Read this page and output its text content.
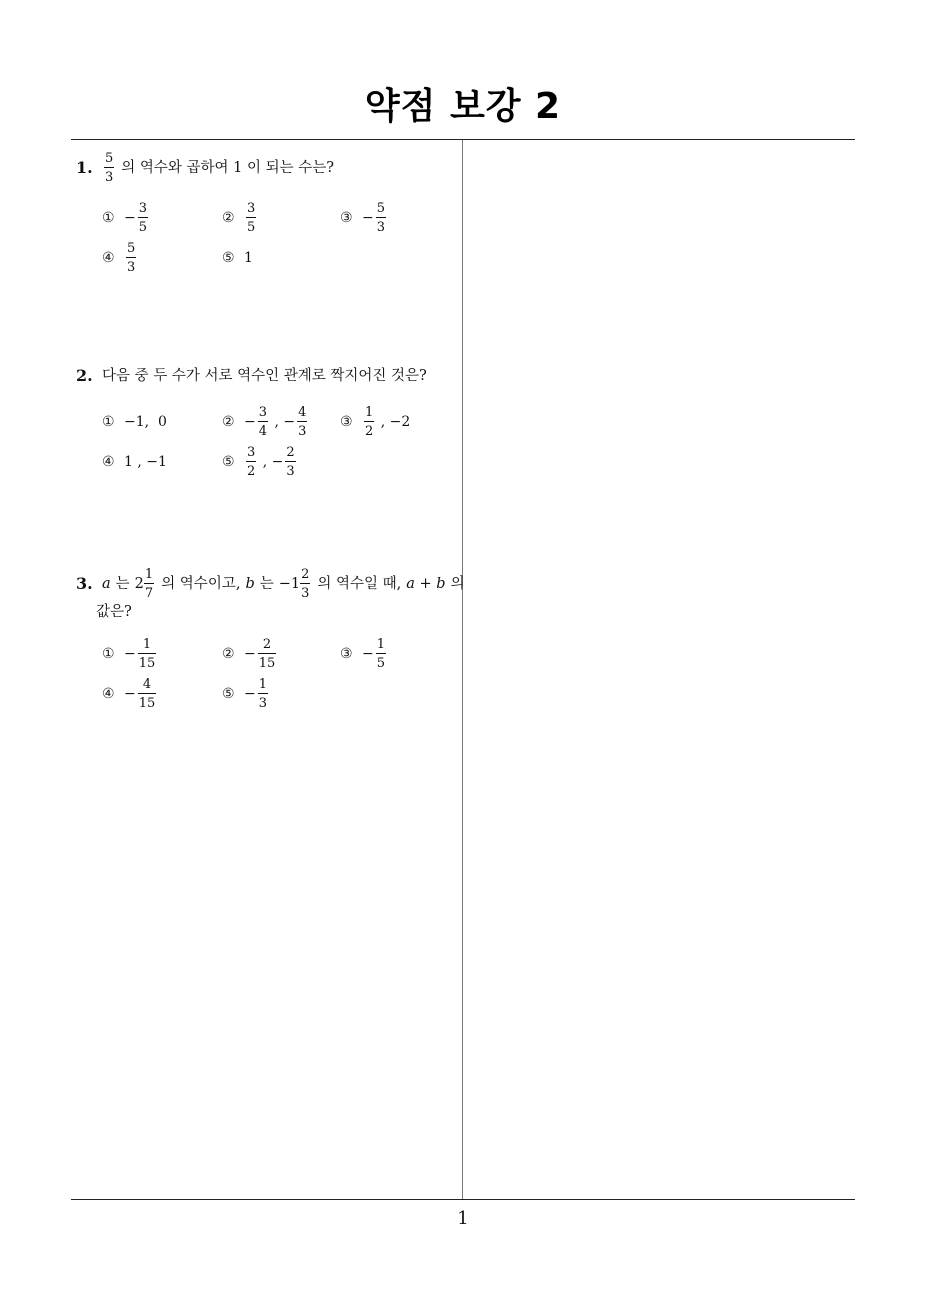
약점 보강 2
1. $\frac{5}{3}$ 의 역수와 곱하여 1 이 되는 수는?
① − $\frac{3}{5}$	② $\frac{3}{5}$	③ − $\frac{5}{3}$
④ $\frac{5}{3}$	⑤ 1
2. 다음 중 두 수가 서로 역수인 관계로 짝지어진 것은?
① −1,  0	② − $\frac{3}{4}$ , − $\frac{4}{3}$ ③ $\frac{1}{2}$ , −2
④ 1 , −1	⑤ $\frac{3}{2}$ , − $\frac{2}{3}$
3. a 는 $2 \frac{1}{7}$ 의 역수이고, b 는 $-1 \frac{2}{3}$ 의 역수일 때, a + b 의
값은?
① − $\frac{1}{15}$	② − $\frac{2}{15}$	③ − $\frac{1}{5}$
④ − $\frac{4}{15}$	⑤ − $\frac{1}{3}$
1
